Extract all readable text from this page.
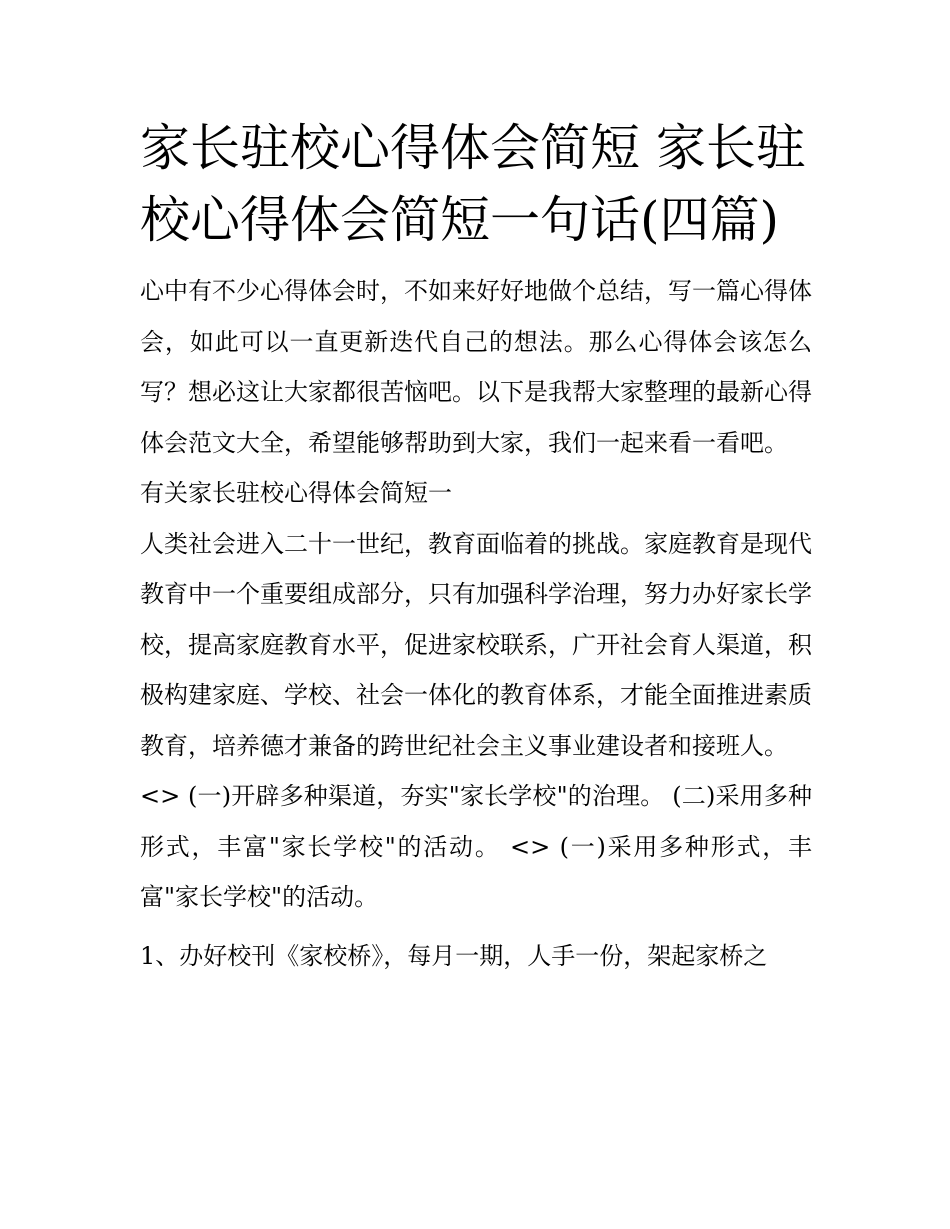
家长驻校心得体会简短 家长驻校心得体会简短一句话(四篇)

心中有不少心得体会时，不如来好好地做个总结，写一篇心得体会，如此可以一直更新迭代自己的想法。那么心得体会该怎么写？想必这让大家都很苦恼吧。以下是我帮大家整理的最新心得体会范文大全，希望能够帮助到大家，我们一起来看一看吧。

有关家长驻校心得体会简短一

人类社会进入二十一世纪，教育面临着的挑战。家庭教育是现代教育中一个重要组成部分，只有加强科学治理，努力办好家长学校，提高家庭教育水平，促进家校联系，广开社会育人渠道，积极构建家庭、学校、社会一体化的教育体系，才能全面推进素质教育，培养德才兼备的跨世纪社会主义事业建设者和接班人。

<> (一)开辟多种渠道，夯实"家长学校"的治理。 (二)采用多种形式，丰富"家长学校"的活动。 <> (一)采用多种形式，丰富"家长学校"的活动。

1、办好校刊《家校桥》，每月一期，人手一份，架起家桥之
